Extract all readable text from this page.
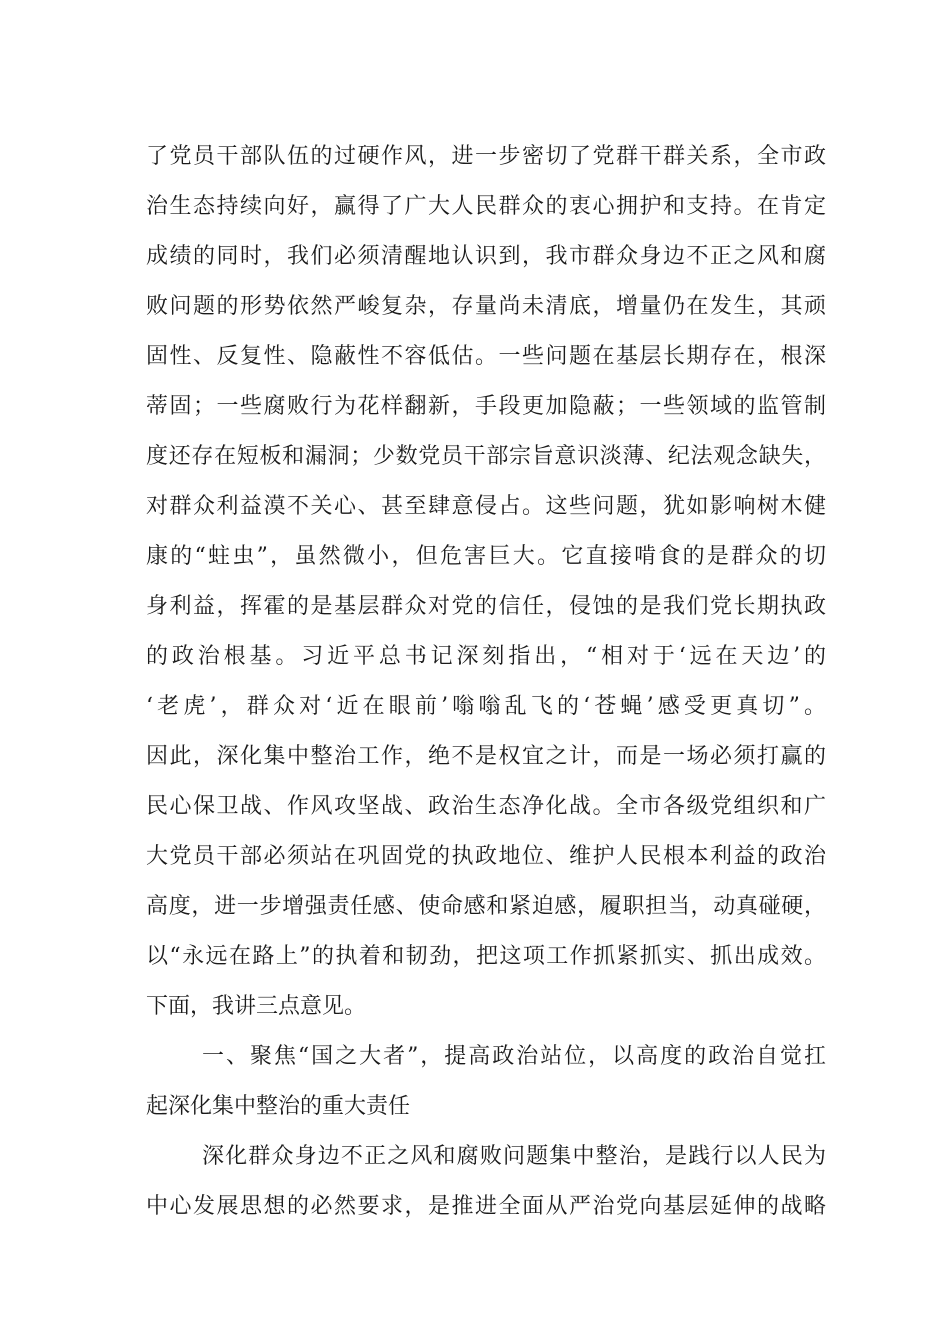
了党员干部队伍的过硬作风，进一步密切了党群干群关系，全市政
治生态持续向好，赢得了广大人民群众的衷心拥护和支持。在肯定
成绩的同时，我们必须清醒地认识到，我市群众身边不正之风和腐
败问题的形势依然严峻复杂，存量尚未清底，增量仍在发生，其顽
固性、反复性、隐蔽性不容低估。一些问题在基层长期存在，根深
蒂固；一些腐败行为花样翻新，手段更加隐蔽；一些领域的监管制
度还存在短板和漏洞；少数党员干部宗旨意识淡薄、纪法观念缺失，
对群众利益漠不关心、甚至肆意侵占。这些问题，犹如影响树木健
康的“蛀虫”，虽然微小，但危害巨大。它直接啃食的是群众的切
身利益，挥霍的是基层群众对党的信任，侵蚀的是我们党长期执政
的政治根基。习近平总书记深刻指出，“相对于‘远在天边’的
‘老虎’，群众对‘近在眼前’嗡嗡乱飞的‘苍蝇’感受更真切”。
因此，深化集中整治工作，绝不是权宜之计，而是一场必须打赢的
民心保卫战、作风攻坚战、政治生态净化战。全市各级党组织和广
大党员干部必须站在巩固党的执政地位、维护人民根本利益的政治
高度，进一步增强责任感、使命感和紧迫感，履职担当，动真碰硬，
以“永远在路上”的执着和韧劲，把这项工作抓紧抓实、抓出成效。
下面，我讲三点意见。
一、聚焦“国之大者”，提高政治站位，以高度的政治自觉扛
起深化集中整治的重大责任
深化群众身边不正之风和腐败问题集中整治，是践行以人民为
中心发展思想的必然要求，是推进全面从严治党向基层延伸的战略
